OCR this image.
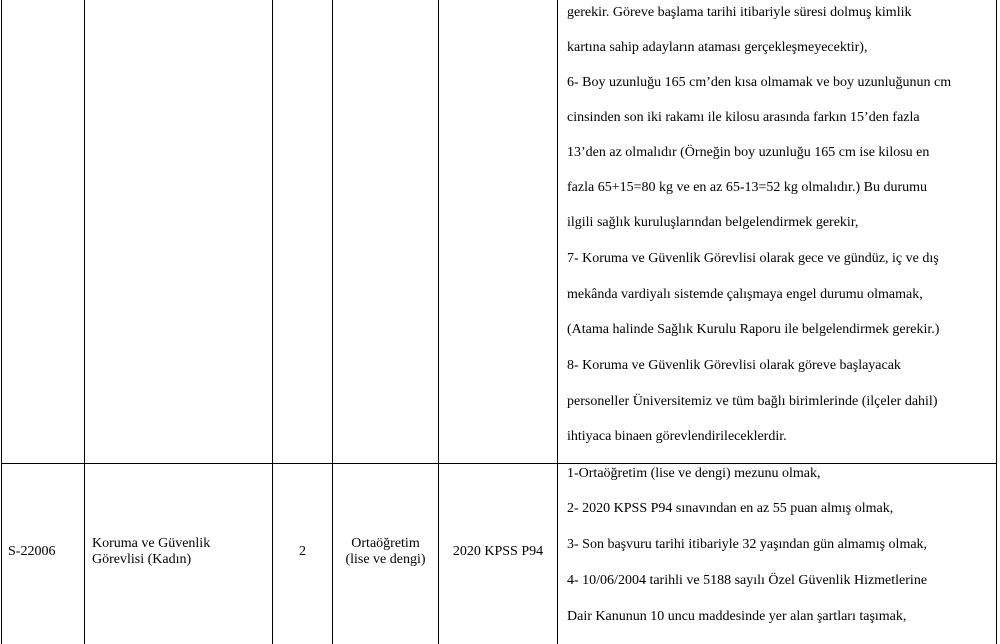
gerekir. Göreve başlama tarihi itibariyle süresi dolmuş kimlik
kartına sahip adayların ataması gerçekleşmeyecektir),
6- Boy uzunluğu 165 cm’den kısa olmamak ve boy uzunluğunun cm
cinsinden son iki rakamı ile kilosu arasında farkın 15’den fazla
13’den az olmalıdır (Örneğin boy uzunluğu 165 cm ise kilosu en
fazla 65+15=80 kg ve en az 65-13=52 kg olmalıdır.) Bu durumu
ilgili sağlık kuruluşlarından belgelendirmek gerekir,
7- Koruma ve Güvenlik Görevlisi olarak gece ve gündüz, iç ve dış
mekânda vardiyalı sistemde çalışmaya engel durumu olmamak,
(Atama halinde Sağlık Kurulu Raporu ile belgelendirmek gerekir.)
8- Koruma ve Güvenlik Görevlisi olarak göreve başlayacak
personeller Üniversitemiz ve tüm bağlı birimlerinde (ilçeler dahil)
ihtiyaca binaen görevlendirileceklerdir.
S-22006
Koruma ve Güvenlik
Görevlisi (Kadın)
2
Ortaöğretim
(lise ve dengi)
2020 KPSS P94
1-Ortaöğretim (lise ve dengi) mezunu olmak,
2- 2020 KPSS P94 sınavından en az 55 puan almış olmak,
3- Son başvuru tarihi itibariyle 32 yaşından gün almamış olmak,
4- 10/06/2004 tarihli ve 5188 sayılı Özel Güvenlik Hizmetlerine
Dair Kanunun 10 uncu maddesinde yer alan şartları taşımak,
